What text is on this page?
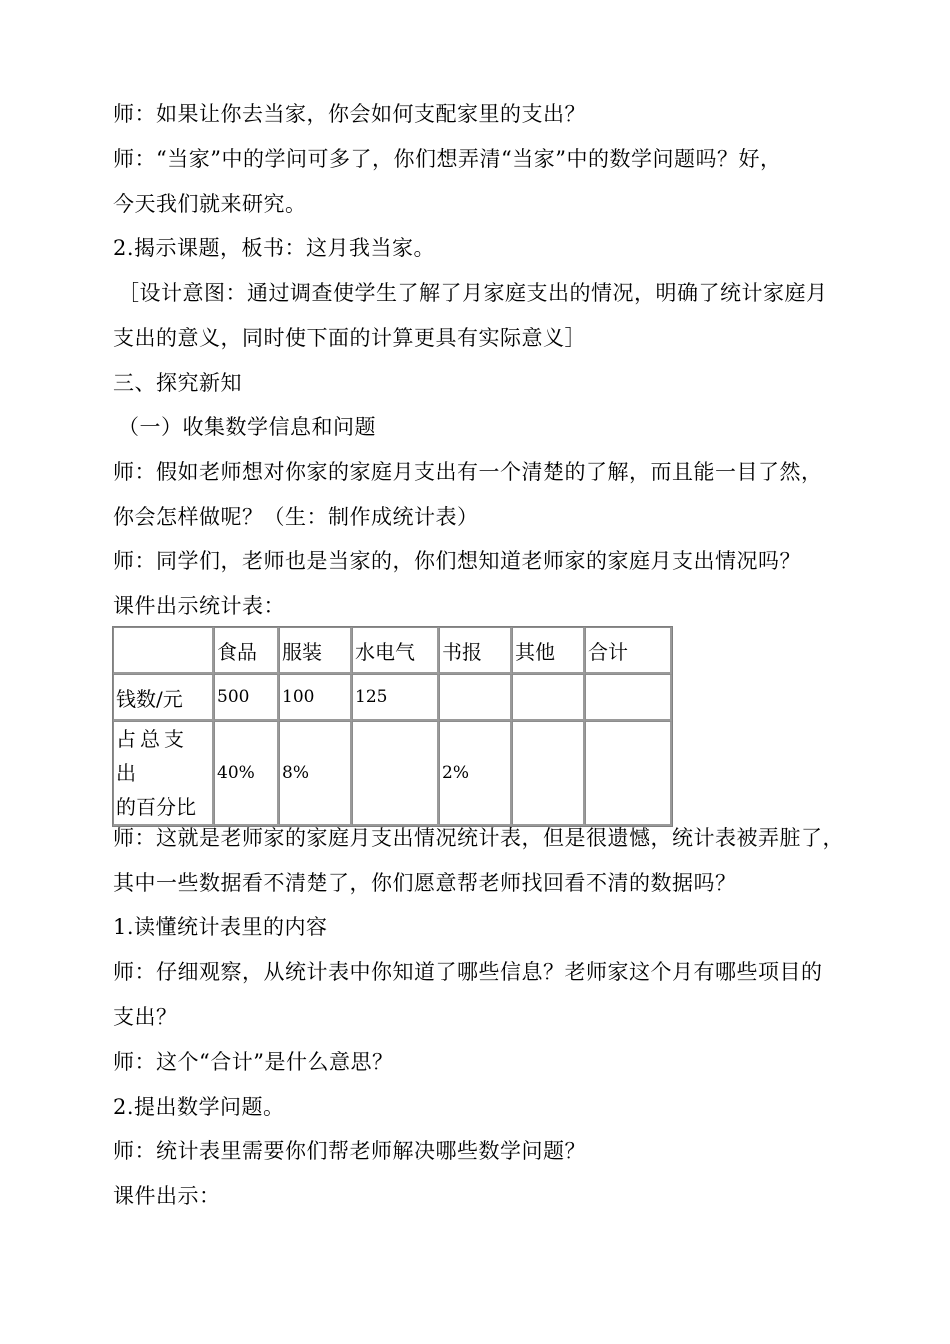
师：如果让你去当家，你会如何支配家里的支出？
师：“当家”中的学问可多了，你们想弄清“当家”中的数学问题吗？好，
今天我们就来研究。
2.揭示课题，板书：这月我当家。
［设计意图：通过调查使学生了解了月家庭支出的情况，明确了统计家庭月
支出的意义，同时使下面的计算更具有实际意义］
三、探究新知
（一）收集数学信息和问题
师：假如老师想对你家的家庭月支出有一个清楚的了解，而且能一目了然，
你会怎样做呢？（生：制作成统计表）
师：同学们，老师也是当家的，你们想知道老师家的家庭月支出情况吗？
课件出示统计表：
	食品	服装	水电气	书报	其他	合计
钱数/元	500	100	125			

占总支出
的百分比	40%	8%		2%		
师：这就是老师家的家庭月支出情况统计表，但是很遗憾，统计表被弄脏了，
其中一些数据看不清楚了，你们愿意帮老师找回看不清的数据吗？
1.读懂统计表里的内容
师：仔细观察，从统计表中你知道了哪些信息？老师家这个月有哪些项目的
支出？
师：这个“合计”是什么意思？
2.提出数学问题。
师：统计表里需要你们帮老师解决哪些数学问题？
课件出示：
